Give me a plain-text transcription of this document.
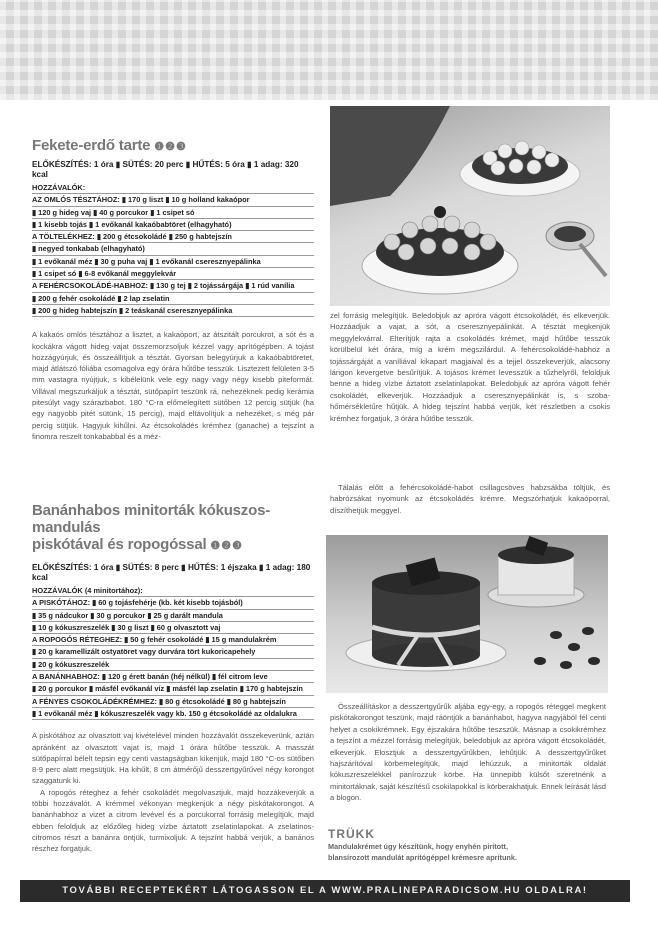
Fekete-erdő tarte ❶❷❸
ELŐKÉSZÍTÉS: 1 óra ▮ SÜTÉS: 20 perc ▮ HŰTÉS: 5 óra ▮ 1 adag: 320 kcal
HOZZÁVALÓK:
AZ OMLÓS TÉSZTÁHOZ: ▮ 170 g liszt ▮ 10 g holland kakaópor
▮ 120 g hideg vaj ▮ 40 g porcukor ▮ 1 csipet só
▮ 1 kisebb tojás ▮ 1 evőkanál kakaóbabtöret (elhagyható)
A TÖLTELÉKHEZ: ▮ 200 g étcsokoládé ▮ 250 g habtejszín
▮ negyed tonkabab (elhagyható)
▮ 1 evőkanál méz ▮ 30 g puha vaj ▮ 1 evőkanál cseresznyepálinka
▮ 1 csipet só ▮ 6-8 evőkanál meggylekvár
A FEHÉRCSOKOLÁDÉ-HABHOZ: ▮ 130 g tej ▮ 2 tojássárgája ▮ 1 rúd vanília
▮ 200 g fehér csokoládé ▮ 2 lap zselatin
▮ 200 g hideg habtejszín ▮ 2 teáskanál cseresznyepálinka
A kakaós omlós tésztához a lisztet, a kakaóport, az átszitált porcukrot, a sót és a kockákra vágott hideg vajat összemorzsoljuk kézzel vagy aprítógépben. A tojást hozzágyúrjuk, és összeállítjuk a tésztát. Gyorsan belegyúrjuk a kakaóbabtöretet, majd átlátszó fóliába csomagolva egy órára hűtőbe tesszük. Lisztezett felületen 3-5 mm vastagra nyújtjuk, s kibélelünk vele egy nagy vagy négy kisebb piteformát. Villával megszurkáljuk a tésztát, sütőpapírt teszünk rá, nehezéknek pedig kerámia pitesúlyt vagy szárazbabot. 180 °C-ra előmelegített sütőben 12 percig sütjük (ha egy nagyobb pitét sütünk, 15 percig), majd eltávolítjuk a nehezéket, s még pár percig sütjük. Hagyjuk kihűlni. Az étcsokoládés krémhez (ganache) a tejszínt a finomra reszelt tonkababbal és a méz-
Banánhabos minitorták kókuszos-mandulás
piskótával és ropogóssal ❶❷❸
ELŐKÉSZÍTÉS: 1 óra ▮ SÜTÉS: 8 perc ▮ HŰTÉS: 1 éjszaka ▮ 1 adag: 180 kcal
HOZZÁVALÓK (4 minitortához):
A PISKÓTÁHOZ: ▮ 60 g tojásfehérje (kb. két kisebb tojásból)
▮ 35 g nádcukor ▮ 30 g porcukor ▮ 25 g darált mandula
▮ 10 g kókuszreszelék ▮ 30 g liszt ▮ 60 g olvasztott vaj
A ROPOGÓS RÉTEGHEZ: ▮ 50 g fehér csokoládé ▮ 15 g mandulakrém
▮ 20 g karamellizált ostyatöret vagy durvára tört kukoricapehely
▮ 20 g kókuszreszelék
A BANÁNHABHOZ: ▮ 120 g érett banán (héj nélkül) ▮ fél citrom leve
▮ 20 g porcukor ▮ másfél evőkanál víz ▮ másfél lap zselatin ▮ 170 g habtejszín
A FÉNYES CSOKOLÁDÉKRÉMHEZ: ▮ 80 g étcsokoládé ▮ 80 g habtejszín
▮ 1 evőkanál méz ▮ kókuszreszelék vagy kb. 150 g étcsokoládé az oldalukra
A piskótához az olvasztott vaj kivételével minden hozzávalót összekeverünk, aztán apránként az olvasztott vajat is, majd 1 órára hűtőbe tesszük. A masszát sütőpapírral bélelt tepsin egy centi vastagságban kikenjük, majd 180 °C-os sütőben 8-9 perc alatt megsütjük. Ha kihűlt, 8 cm átmérőjű desszertgyűrűvel négy korongot szaggatunk ki.
A ropogós réteghez a fehér csokoládét megolvasztjuk, majd hozzákeverjük a többi hozzávalót. A krémmel vékonyan megkenjük a négy piskótakorongot. A banánhabhoz a vizet a citrom levével és a porcukorral forrásig melegítjük, majd ebben feloldjuk az előzőleg hideg vízbe áztatott zselatinlapokat. A zselatinos-citromos részt a banánra öntjük, turmixoljuk. A tejszínt habbá verjük, a banános részhez forgatjuk.
zel forrásig melegítjük. Beledobjuk az apróra vágott étcsokoládét, és elkeverjük. Hozzáadjuk a vajat, a sót, a cseresznyepálinkát. A tésztát megkenjük meggylekvárral. Elterítjük rajta a csokoládés krémet, majd hűtőbe tesszük körülbelül két órára, míg a krém megszilárdul. A fehércsokoládé-habhoz a tojássárgáját a vaníliával kikapart magjaival és a tejjel összekeverjük, alacsony lángon kevergetve besűrítjük. A tojásos krémet levesszük a tűzhelyről, feloldjuk benne a hideg vízbe áztatott zselatinlapokat. Beledobjuk az apróra vágott fehér csokoládét, elkeverjük. Hozzáadjuk a cseresznyepálinkát is, s szoba-hőmérsékletűre hűtjük. A hideg tejszínt habbá verjük, két részletben a csokis krémhez forgatjuk, 3 órára hűtőbe tesszük.
Tálalás előtt a fehércsokoládé-habot csillagcsöves habzsákba töltjük, és habrózsákat nyomunk az étcsokoládés krémre. Megszórhatjuk kakaóporral, díszíthetjük meggyel.
Összeállításkor a desszertgyűrűk aljába egy-egy, a ropogós réteggel megkent piskótakorongot teszünk, majd ráöntjük a banánhabot, hagyva nagyjából fél centi helyet a csokikrémnek. Egy éjszakára hűtőbe teszszük. Másnap a csokikrémhez a tejszínt a mézzel forrásig melegítjük, beledobjuk az apróra vágott étcsokoládét, elkeverjük. Elosztjuk a desszertgyűrűkben, lehűtjük. A desszertgyűrűket hajszárítóval körbemelegítjük, majd lehúzzuk, a minitorták oldalát kókuszreszelékkel panírozzuk körbe. Ha ünnepibb külsőt szeretnénk a minitortáknak, saját készítésű csokilapokkal is körberakhatjuk. Ennek leírását lásd a blogon.
TRÜKK
Mandulakrémet úgy készítünk, hogy enyhén pirított,
blansírozott mandulát aprítógéppel krémesre aprítunk.
TOVÁBBI RECEPTEKÉRT LÁTOGASSON EL A WWW.PRALINEPARADICSOM.HU OLDALRA!
